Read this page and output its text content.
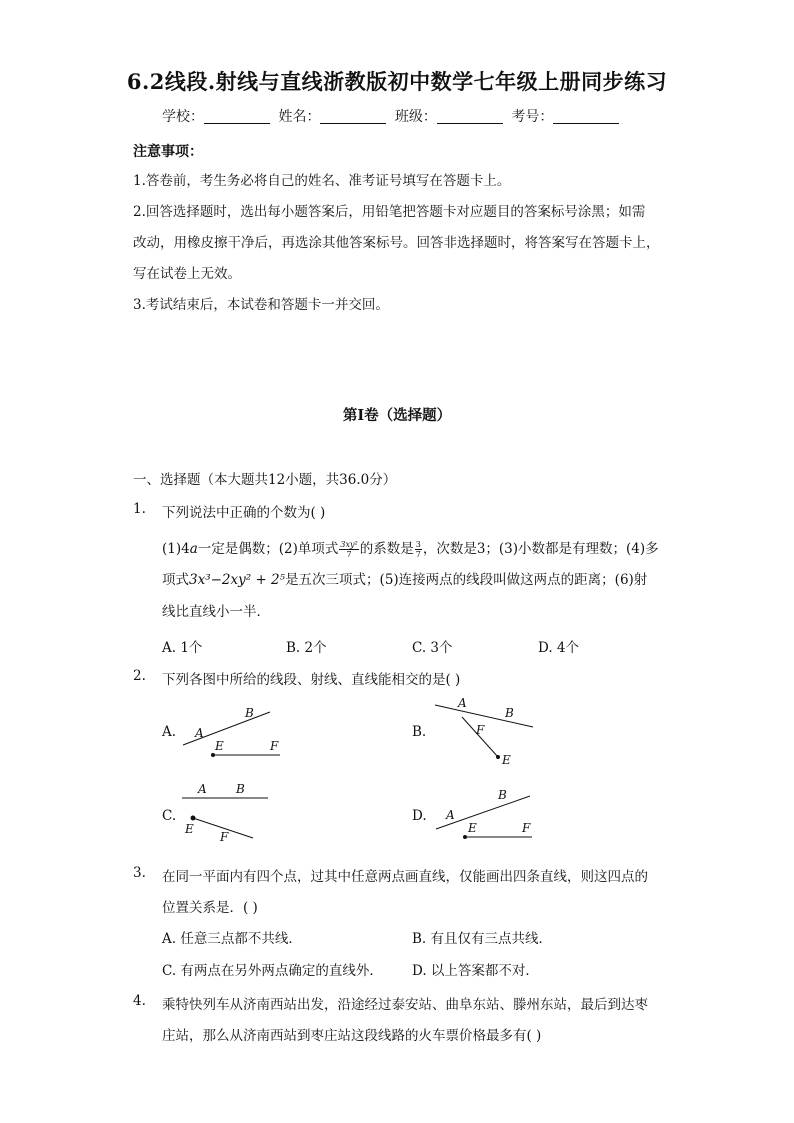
6.2线段.射线与直线浙教版初中数学七年级上册同步练习
学校：	姓名：	班级：	考号：
注意事项：
1.答卷前，考生务必将自己的姓名、准考证号填写在答题卡上。
2.回答选择题时，选出每小题答案后，用铅笔把答题卡对应题目的答案标号涂黑；如需
改动，用橡皮擦干净后，再选涂其他答案标号。回答非选择题时，将答案写在答题卡上，
写在试卷上无效。
3.考试结束后，本试卷和答题卡一并交回。
第I卷（选择题）
一、选择题（本大题共12小题，共36.0分）
1. 下列说法中正确的个数为( )
(1)4a一定是偶数；(2)单项式 $\frac{\text{3xy²}}{7}$ 的系数是 $\frac{3}{7}$ ，次数是3；(3)小数都是有理数；(4)多
项式3x³−2xy² + 2⁵是五次三项式；(5)连接两点的线段叫做这两点的距离；(6)射
线比直线小一半．
A. 1个	B. 2个	C. 3个	D. 4个
2. 下列各图中所给的线段、射线、直线能相交的是( )
A. A
B
E	F
B.
A
B
F
E
C.
A B
E
F
D. A
B
E	F
3. 在同一平面内有四个点，过其中任意两点画直线，仅能画出四条直线，则这四点的
位置关系是．( )
A. 任意三点都不共线．	B. 有且仅有三点共线．
C. 有两点在另外两点确定的直线外． D. 以上答案都不对．
4. 乘特快列车从济南西站出发，沿途经过泰安站、曲阜东站、滕州东站，最后到达枣
庄站，那么从济南西站到枣庄站这段线路的火车票价格最多有( )
